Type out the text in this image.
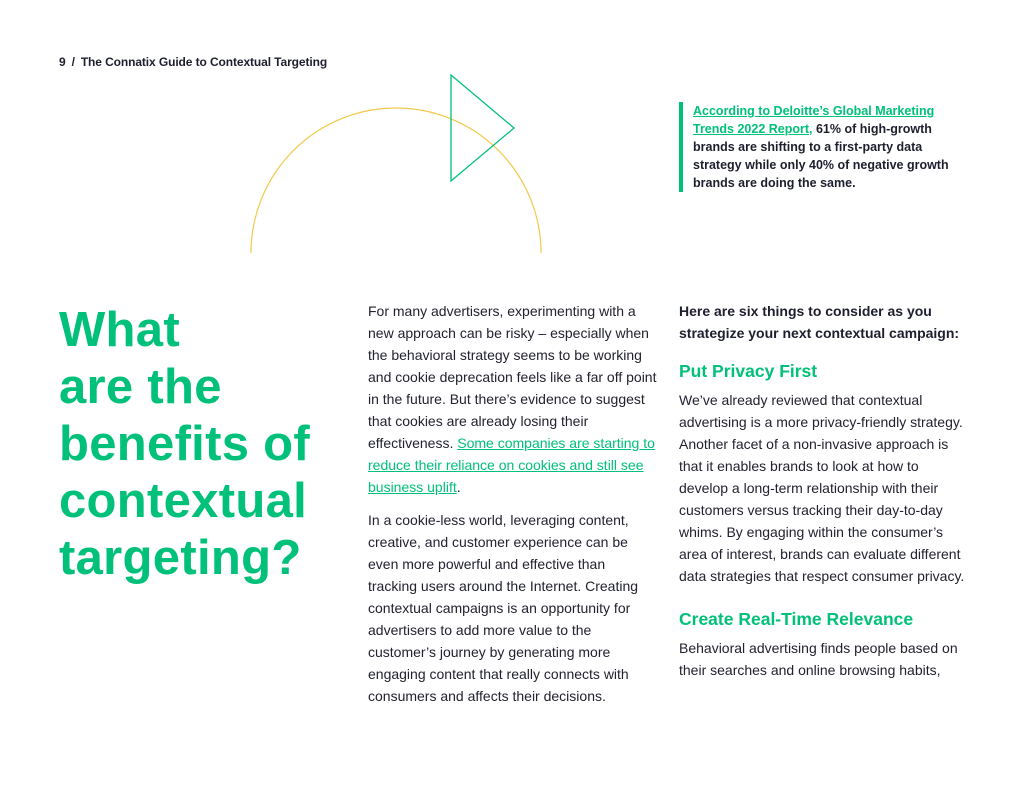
9 / The Connatix Guide to Contextual Targeting
According to Deloitte’s Global Marketing Trends 2022 Report, 61% of high-growth brands are shifting to a first-party data strategy while only 40% of negative growth brands are doing the same.
What
are the
benefits of
contextual
targeting?

For many advertisers, experimenting with a new approach can be risky – especially when the behavioral strategy seems to be working and cookie deprecation feels like a far off point in the future. But there’s evidence to suggest that cookies are already losing their effectiveness. Some companies are starting to reduce their reliance on cookies and still see business uplift.

In a cookie-less world, leveraging content, creative, and customer experience can be even more powerful and effective than tracking users around the Internet. Creating contextual campaigns is an opportunity for advertisers to add more value to the customer’s journey by generating more engaging content that really connects with consumers and affects their decisions.

Here are six things to consider as you strategize your next contextual campaign:

Put Privacy First

We’ve already reviewed that contextual advertising is a more privacy-friendly strategy. Another facet of a non-invasive approach is that it enables brands to look at how to develop a long-term relationship with their customers versus tracking their day-to-day whims. By engaging within the consumer’s area of interest, brands can evaluate different data strategies that respect consumer privacy.

Create Real-Time Relevance

Behavioral advertising finds people based on their searches and online browsing habits,
